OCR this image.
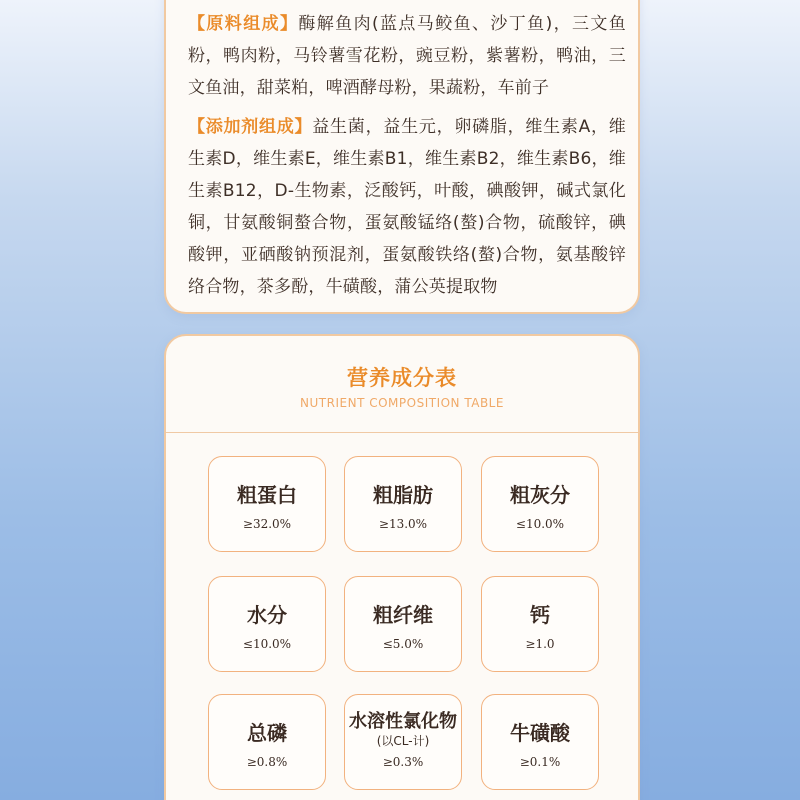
【原料组成】酶解鱼肉(蓝点马鲛鱼、沙丁鱼)，三文鱼粉，鸭肉粉，马铃薯雪花粉，豌豆粉，紫薯粉，鸭油，三文鱼油，甜菜粕，啤酒酵母粉，果蔬粉，车前子

【添加剂组成】益生菌，益生元，卵磷脂，维生素A，维生素D，维生素E，维生素B1，维生素B2，维生素B6，维生素B12，D-生物素，泛酸钙，叶酸，碘酸钾，碱式氯化铜，甘氨酸铜螯合物，蛋氨酸锰络(螯)合物，硫酸锌，碘酸钾，亚硒酸钠预混剂，蛋氨酸铁络(螯)合物，氨基酸锌络合物，茶多酚，牛磺酸，蒲公英提取物

营养成分表
NUTRIENT COMPOSITION TABLE
粗蛋白
≥32.0%
粗脂肪
≥13.0%
粗灰分
≤10.0%
水分
≤10.0%
粗纤维
≤5.0%
钙
≥1.0
总磷
≥0.8%
水溶性氯化物
(以CL-计)
≥0.3%
牛磺酸
≥0.1%
